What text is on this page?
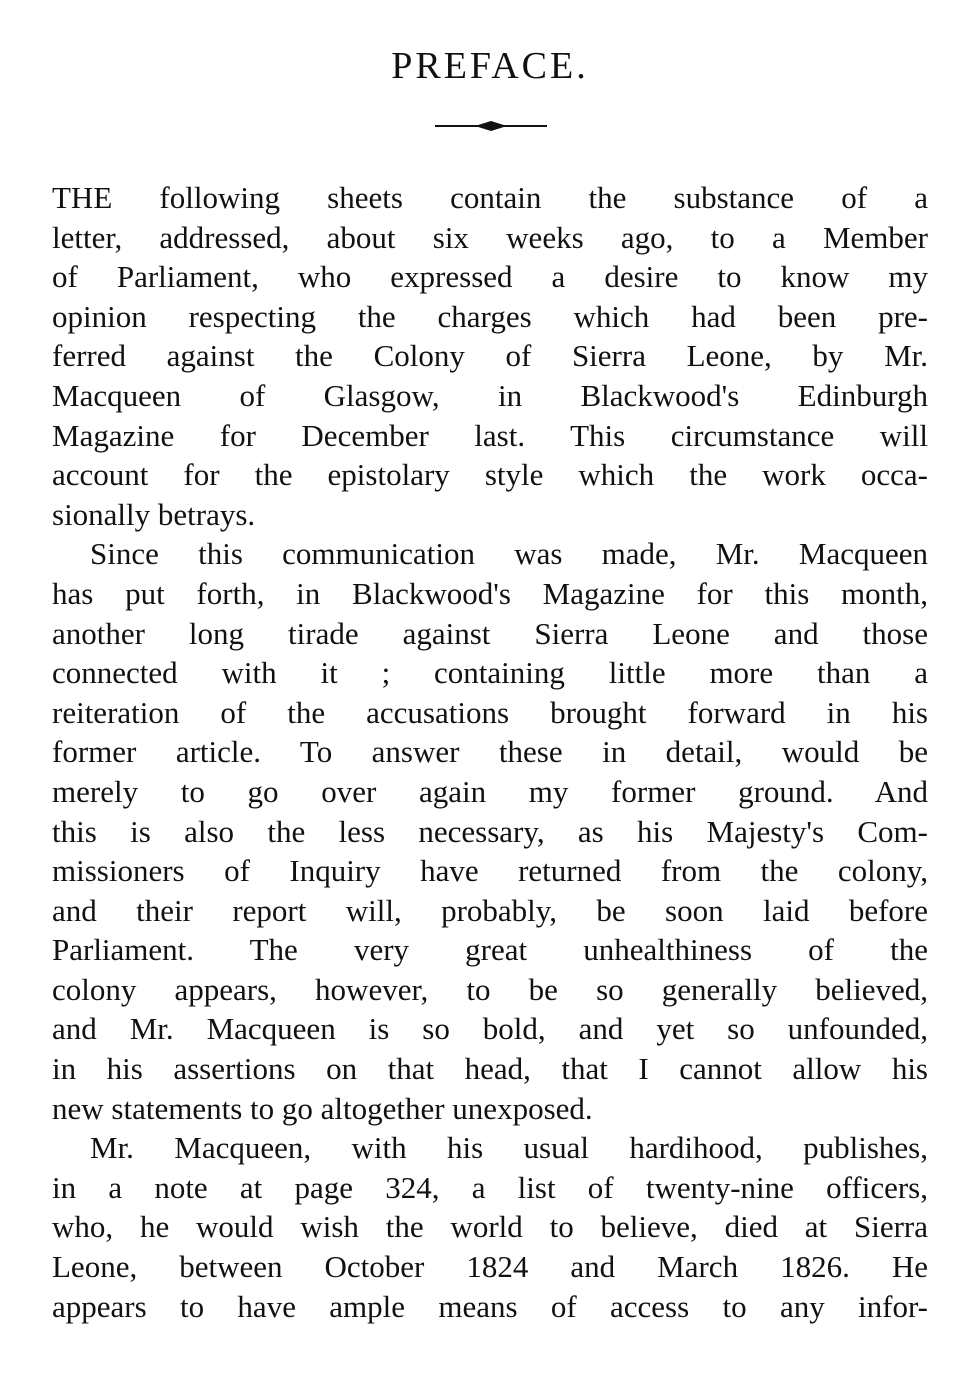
PREFACE.
THE following sheets contain the substance of a
letter, addressed, about six weeks ago, to a Member
of Parliament, who expressed a desire to know my
opinion respecting the charges which had been pre-
ferred against the Colony of Sierra Leone, by Mr.
Macqueen of Glasgow, in Blackwood's Edinburgh
Magazine for December last. This circumstance will
account for the epistolary style which the work occa-
sionally betrays.
Since this communication was made, Mr. Macqueen
has put forth, in Blackwood's Magazine for this month,
another long tirade against Sierra Leone and those
connected with it ; containing little more than a
reiteration of the accusations brought forward in his
former article. To answer these in detail, would be
merely to go over again my former ground. And
this is also the less necessary, as his Majesty's Com-
missioners of Inquiry have returned from the colony,
and their report will, probably, be soon laid before
Parliament. The very great unhealthiness of the
colony appears, however, to be so generally believed,
and Mr. Macqueen is so bold, and yet so unfounded,
in his assertions on that head, that I cannot allow his
new statements to go altogether unexposed.
Mr. Macqueen, with his usual hardihood, publishes,
in a note at page 324, a list of twenty-nine officers,
who, he would wish the world to believe, died at Sierra
Leone, between October 1824 and March 1826. He
appears to have ample means of access to any infor-
